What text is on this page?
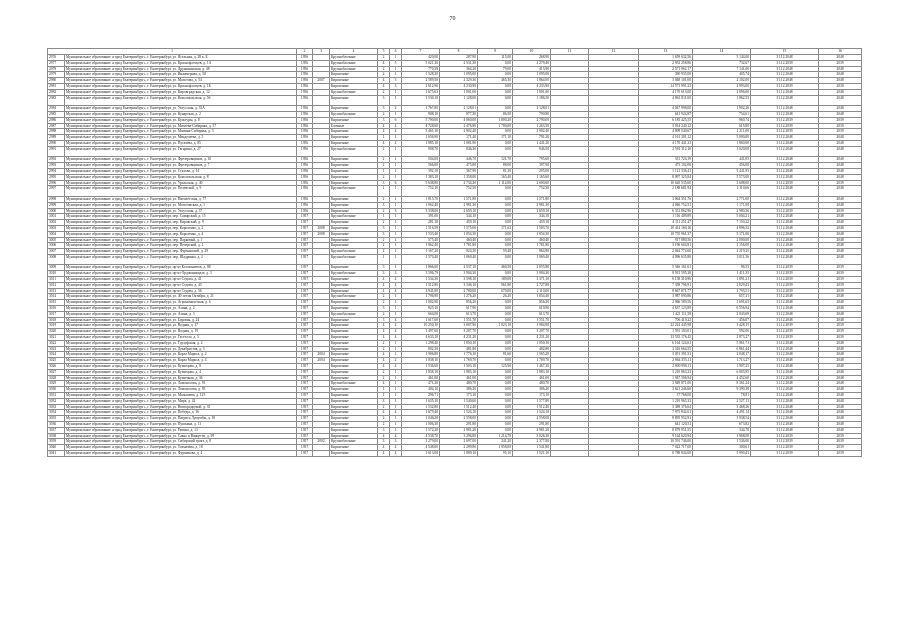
70
1		2	3	4	5	6	7	8	9	10	11	12	13	14	15	16
2976	Муниципальное образование «город Екатеринбург», г. Екатеринбург, ул. Ясельная, д. 28 к. Б	1956		Крупноблочные	2	1	420,00	287,90	115,00	268,90			1 659 632,56	5 144,00	31.12.2048	2048
2977	Муниципальное образование «город Екатеринбург», г. Екатеринбург, ул. Краснофлотцев, д. 1А	1956		Крупноблочные	4	5	5 021,30	2 531,30	0,00	2 279,40			2 952 258,86	732,67	31.12.2039	2039
2978	Муниципальное образование «город Екатеринбург», г. Екатеринбург, ул. Дружининская, д. 48	1956		Крупноблочные	2	1	770,39	364,20	79,00	413,90			2 571 962,17	7 141,00	31.12.2048	2048
2979	Муниципальное образование «город Екатеринбург», г. Екатеринбург, ул. Инженерная, д. 50	1956		Кирпичные	2	1	1 528,30	1 095,00	0,00	1 095,00			390 935,00	405,74	31.12.2048	2048
2980	Муниципальное образование «город Екатеринбург», г. Екатеринбург, ул. Молотова, д. 54	1956	2007	Кирпичные	4	3	2 589,50	2 329,30	465,30	1 864,00			3 048 101,00	2 102,00	31.12.2048	2048
2981	Муниципальное образование «город Екатеринбург», г. Екатеринбург, ул. Краснофлотцев, д. 1Б	1956		Кирпичные	4	3	2 612,90	4 230,90	0,00	4 233,90			14 571 991,23	2 993,00	31.12.2039	2039
2982	Муниципальное образование «город Екатеринбург», г. Екатеринбург, ул. Кировградская, д. 12	1956		Крупноблочные	2	1	1 675,63	1 001,00	0,00	1 001,00			4 170 613,00	2 096,00	31.12.2048	2048
2983	Муниципальное образование «город Екатеринбург», г. Екатеринбург, ул. Комсомольская, д. 56	1956		Кирпичные	3	1	1 530,10	1 128,00	0,00	1 186,50			4 861 811,00	1 862,55	31.12.2048	2048
2984	Муниципальное образование «город Екатеринбург», г. Екатеринбург, ул. Уктусская, д. 35А	1956		Кирпичные	3	2	1 767,80	2 128,01	0,00	2 128,01			4 047 998,00	1 902,26	31.12.2048	2048
2985	Муниципальное образование «город Екатеринбург», г. Екатеринбург, ул. Кунарская, д. 2	1956		Крупноблочные	2	1	908,10	877,30	86,50	790,80			641 924,87	754,61	31.12.2048	2048
2986	Муниципальное образование «город Екатеринбург», г. Екатеринбург, ул. Культуры, д. 8	1956		Кирпичные	3	6	5 790,00	4 060,00	1 800,20	2 790,00			6 185 425,55	960,74	31.12.2039	2039
2987	Муниципальное образование «город Екатеринбург», г. Екатеринбург, ул. Михеева-Сибиряка, д. 57	1956		Блочные	4	4	4 728,60	2 476,80	1 700,00	1 263,50			3 014 240,12	615,80	31.12.2039	2039
2988	Муниципальное образование «город Екатеринбург», г. Екатеринбург, ул. Мамина-Сибиряка, д. 3	1956		Кирпичные	4	4	5 461,10	2 902,40	0,00	2 902,40			4 009 540,67	1 211,00	31.12.2039	2039
2989	Муниципальное образование «город Екатеринбург», г. Екатеринбург, ул. Менделеева, д. 5	1956		Кирпичные	1	1	1 656,90	171,40	171,10	791,20			4 161 301,12	5 000,00	31.12.2048	2048
2990	Муниципальное образование «город Екатеринбург», г. Екатеринбург, ул. Пугачёва, д. 85	1956		Кирпичные	4	4	1 885,10	1 081,90	0,00	1 441,20			4 170 441,33	1 860,00	31.12.2048	2048
2991	Муниципальное образование «город Екатеринбург», г. Екатеринбург, ул. Гагарина, д. 27	1956		Крупноблочные	2	1	908,70	846,30	0,00	846,50			2 581 112,16	3 020,00	31.12.2048	2048
2992	Муниципальное образование «город Екатеринбург», г. Екатеринбург, ул. Фрезеровщиков, д. 10	1956		Кирпичные	2	1	504,00	446,70	121,70	795,60			331 724,19	441,05	31.12.2048	2048
2993	Муниципальное образование «город Екатеринбург», г. Екатеринбург, ул. Фрезеровщиков, д. 7	1956		Кирпичные	2	1	566,00	475,80	88,00	397,90			473 102,06	456,00	31.12.2048	2048
2994	Муниципальное образование «город Екатеринбург», г. Екатеринбург, ул. Стахова, д. 14	1956		Кирпичные	1	1	392,10	367,90	81,30	295,00			1 121 336,41	5 441,93	31.12.2048	2048
2995	Муниципальное образование «город Екатеринбург», г. Екатеринбург, ул. Комсомольская, д. 8	1956		Кирпичные	2	1	1 383,10	1 358,00	165,40	1 165,60			8 097 325,84	5 573,00	31.12.2048	2048
2996	Муниципальное образование «город Екатеринбург», г. Екатеринбург, ул. Уральская, д. 40	1956		Кирпичные	3	6	5 638,80	2 734,20	1 112,00	2 600,60			10 620 535,60	3 608,00	31.12.2039	2039
2997	Муниципальное образование «город Екатеринбург», г. Екатеринбург, ул. Полевской, д. 9	1956		Крупноблочные	1	1	752,10	752,50	0,00	752,50			2 188 681,94	2 110,66	31.12.2048	2048
2998	Муниципальное образование «город Екатеринбург», г. Екатеринбург, ул. Пятилетская, д. 77	1956		Кирпичные	2	1	1 815,70	1 571,80	0,00	1 571,80			3 064 351,76	2 771,00	31.12.2048	2048
2999	Муниципальное образование «город Екатеринбург», г. Екатеринбург, ул. Молотовская, д. 1	1956		Кирпичные	3	1	1 062,40	2 981,30	0,00	2 981,30			4 046 752,51	1 171,00	31.12.2048	2048
3000	Муниципальное образование «город Екатеринбург», г. Екатеринбург, ул. Уктусская, д. 37	1956		Кирпичные	2	3	3 338,00	2 659,10	0,00	2 659,10			6 331 862,96	2 980,36	31.12.2039	2039
3001	Муниципальное образование «город Екатеринбург», г. Екатеринбург, пер. Самарский, д. 15	1957		Крупноблочные	1	1	391,00	344,10	0,00	344,10			1 116 409,89	5 004,21	31.12.2048	2048
3002	Муниципальное образование «город Екатеринбург», г. Екатеринбург, пер. Кировский, д. 9	1957		Кирпичные	2	1	281,10	459,10	0,00	459,10			4 111 251,47	7 150,22	31.12.2048	2048
3003	Муниципальное образование «город Екатеринбург», г. Екатеринбург, пер. Короленко, д. 2	1957	2008	Кирпичные	3	1	1 516,59	1 575,00	171,63	1 503,70			10 414 160,16	4 996,52	31.12.2048	2048
3004	Муниципальное образование «город Екатеринбург», г. Екатеринбург, пер. Короленко, д. 4	1957	2008	Кирпичные	3	1	1 533,40	1 054,30	0,00	1 054,30			10 755 961,37	5 171,00	31.12.2048	2048
3005	Муниципальное образование «город Екатеринбург», г. Екатеринбург, пер. Парковый, д. 1	1957		Кирпичные	2	1	575,40	460,40	0,00	460,40			917 880,56	2 000,00	31.12.2048	2048
3006	Муниципальное образование «город Екатеринбург», г. Екатеринбург, пер. Печерский, д. 2	1957		Кирпичные	2	1	1 862,40	1 781,80	0,00	1 781,80			3 196 604,81	2 156,00	31.12.2048	2048
3007	Муниципальное образование «город Екатеринбург», г. Екатеринбург, пер. Фурманский, д. 29	1957		Крупноблочные	2	1	1 167,20	924,30	59,40	864,90			2 044 774,60	2 219,25	31.12.2048	2048
3008	Муниципальное образование «город Екатеринбург», г. Екатеринбург, пер. Шадринка, д. 2	1957		Крупноблочные	1	1	1 570,40	1 069,40	0,00	1 069,40			4 096 635,80	3 011,56	31.12.2048	2048
3009	Муниципальное образование «город Екатеринбург», г. Екатеринбург, пр-кт Космонавтов, д. 88	1957		Кирпичные	3	1	1 866,60	2 537,10	460,50	2 055,80			5 346 161,61	96,53	31.12.2039	2039
3010	Муниципальное образование «город Екатеринбург», г. Екатеринбург, пр-кт Орджоникидзе, д. 3	1957		Крупноблочные	3	3	3 596,79	3 904,30	0,00	3 904,30			8 915 595,38	1 411,33	31.12.2039	2039
3011	Муниципальное образование «город Екатеринбург», г. Екатеринбург, пр-кт Седова, д. 41	1957		Кирпичные	4	4	1 534,30	3 598,10	189,00	3 371,10			6 158 310,96	1 891,21	31.12.2039	2039
3012	Муниципальное образование «город Екатеринбург», г. Екатеринбург, пр-кт Седова, д. 43	1957		Кирпичные	4	4	1 512,80	3 346,10	961,80	2 727,80			7 358 796,91	2 029,43	31.12.2039	2039
3013	Муниципальное образование «город Екатеринбург», г. Екатеринбург, пр-кт Седова, д. 56	1957		Кирпичные	4	4	3 941,00	2 780,00	670,00	2 110,00			8 667 871,77	1 793,51	31.12.2039	2039
3014	Муниципальное образование «город Екатеринбург», г. Екатеринбург, ул. 40-летия Октября, д. 21	1957		Крупноблочные	2	1	1 796,90	1 276,20	26,20	1 054,40			3 987 090,86	657,21	31.12.2048	2048
3015	Муниципальное образование «город Екатеринбург», г. Екатеринбург, ул. Агрономическая, д. 6	1957		Кирпичные	2	1	1 002,90	856,20	0,00	856,20			2 066 589,56	1 691,63	31.12.2048	2048
3016	Муниципальное образование «город Екатеринбург», г. Екатеринбург, ул. Азина, д. 2	1957		Кирпичные	3	1	825,10	617,90	0,00	619,90			4 637 123,89	6 556,94	31.12.2048	2048
3017	Муниципальное образование «город Екатеринбург», г. Екатеринбург, ул. Азина, д. 3	1957		Крупноблочные	2	1	664,00	613,70	0,00	613,70			1 421 111,58	2 043,69	31.12.2048	2048
3018	Муниципальное образование «город Екатеринбург», г. Екатеринбург, ул. Боровая, д. 24	1957		Кирпичные	3	4	1 617,60	1 551,70	0,00	1 551,70			706 419,22	456,07	31.12.2048	2048
3019	Муниципальное образование «город Екатеринбург», г. Екатеринбург, ул. Водная, д. 17	1957		Кирпичные	4	2	10 250,10	3 007,90	1 023,10	1 984,80			22 224 445,98	1 428,15	31.12.2039	2039
3020	Муниципальное образование «город Екатеринбург», г. Екатеринбург, ул. Водная, д. 19	1957		Кирпичные	4	4	1 497,60	3 207,70	0,00	3 207,70			1 591 103,01	592,06	31.12.2039	2039
3021	Муниципальное образование «город Екатеринбург», г. Екатеринбург, ул. Гастелло, д. 5	1957		Кирпичные	4	4	4 633,10	4 231,20	0,00	4 231,20			13 535 176,45	2 873,27	31.12.2039	2039
3022	Муниципальное образование «город Екатеринбург», г. Екатеринбург, ул. Гурзуфская, д. 2	1957		Кирпичные	2	1	1 298,40	1 050,10	0,00	1 050,10			6 164 124,61	5 961,71	31.12.2048	2048
3023	Муниципальное образование «город Екатеринбург», г. Екатеринбург, ул. Декабристов, д. 3	1957		Кирпичные	2	1	802,30	481,80	0,00	482,80			3 316 664,55	6 861,44	31.12.2048	2048
3024	Муниципальное образование «город Екатеринбург», г. Екатеринбург, ул. Карла Маркса, д. 2	1957	2004	Кирпичные	4	1	1 906,80	1 776,10	81,60	1 565,20			3 051 391,51	2 048,17	31.12.2048	2048
3025	Муниципальное образование «город Екатеринбург», г. Екатеринбург, ул. Карла Маркса, д. 4	1957	2004	Кирпичные	4	2	1 838,10	1 769,70	0,00	1 769,70			2 864 355,11	1 713,27	31.12.2048	2048
3026	Муниципальное образование «город Екатеринбург», г. Екатеринбург, ул. Кузнецова, д. 8	1957		Кирпичные	4	4	1 536,60	1 503,10	125,90	1 467,30			2 800 990,11	1 907,25	31.12.2048	2048
3027	Муниципальное образование «город Екатеринбург», г. Екатеринбург, ул. Кузнецова, д. 4	1957		Кирпичные	2	1	1 838,10	1 883,10	0,00	1 883,10			3 210 863,23	6 003,95	31.12.2048	2048
3028	Муниципальное образование «город Екатеринбург», г. Екатеринбург, ул. Кузнечная, д. 36	1957		Кирпичные	2	1	461,00	461,00	0,00	461,00			1 947 506,94	4 452,60	31.12.2048	2048
3029	Муниципальное образование «город Екатеринбург», г. Екатеринбург, ул. Ломоносова, д. 91	1957		Крупноблочные	4	1	471,20	480,70	0,00	480,70			3 949 871,00	8 361,24	31.12.2048	2048
3030	Муниципальное образование «город Екатеринбург», г. Екатеринбург, ул. Ломоносова, д. 95	1957		Кирпичные	1	1	404,10	386,20	0,00	386,20			3 621 246,66	9 390,38	31.12.2048	2048
3031	Муниципальное образование «город Екатеринбург», г. Екатеринбург, ул. Малышева, д. 125	1957		Кирпичные	1	1	296,71	173,10	0,00	173,10			37 768,00	78,81	31.12.2048	2048
3032	Муниципальное образование «город Екатеринбург», г. Екатеринбург, ул. Мира, д. 42	1957		Кирпичные	3	1	1 635,10	1 540,60	0,00	1 577,80			1 210 965,33	2 527,13	31.12.2048	2048
3033	Муниципальное образование «город Екатеринбург», г. Екатеринбург, ул. Новгородцевой, д. 33	1957		Кирпичные	2	1	1 532,80	1 512,40	0,00	1 512,40			3 389 376,64	3 468,26	31.12.2048	2048
3034	Муниципальное образование «город Екатеринбург», г. Екатеринбург, ул. Победы, д. 16	1957		Кирпичные	4	4	1 679,40	1 524,10	0,00	1 524,10			7 975 842,61	4 491,14	31.12.2048	2048
3035	Муниципальное образование «город Екатеринбург», г. Екатеринбург, ул. Патриса Лумумбы, д. 18	1957		Кирпичные	2	1	1 046,20	2 558,00	0,00	2 558,00			8 895 952,91	3 938,54	31.12.2048	2048
3036	Муниципальное образование «город Екатеринбург», г. Екатеринбург, ул. Пушкина, д. 11	1957		Кирпичные	2	1	1 006,30	291,80	0,00	291,80			641 120,51	673,82	31.12.2048	2048
3037	Муниципальное образование «город Екатеринбург», г. Екатеринбург, ул. Репина, д. 13	1957		Кирпичные	3	1	1 572,20	2 981,20	0,00	2 981,20			8 879 951,55	344,78	31.12.2048	2048
3038	Муниципальное образование «город Екатеринбург», г. Екатеринбург, ул. Сакко и Ванцетти, д. 99	1957		Кирпичные	4	4	4 538,70	3 296,80	1 214,78	3 026,30			9 164 620,94	1 968,08	31.12.2039	2039
3039	Муниципальное образование «город Екатеринбург», г. Екатеринбург, ул. Сибирский тракт, д. 8	1957	2002	Крупноблочные	3	3	3 279,00	2 697,00	341,20	2 377,80			10 591 746,00	1 536,00	31.12.2039	2039
3040	Муниципальное образование «город Екатеринбург», г. Екатеринбург, ул. Толмачёва, д. 18	1957		Кирпичные	4	4	4 548,00	2 299,80	1 958,00	1 541,80			7 022 717,00	300,61	31.12.2039	2039
3041	Муниципальное образование «город Екатеринбург», г. Екатеринбург, ул. Фурманова, д. 4	1957		Кирпичные	4	4	1 613,00	1 809,10	95,10	1 521,10			8 788 844,60	5 990,43	31.12.2039	2039
